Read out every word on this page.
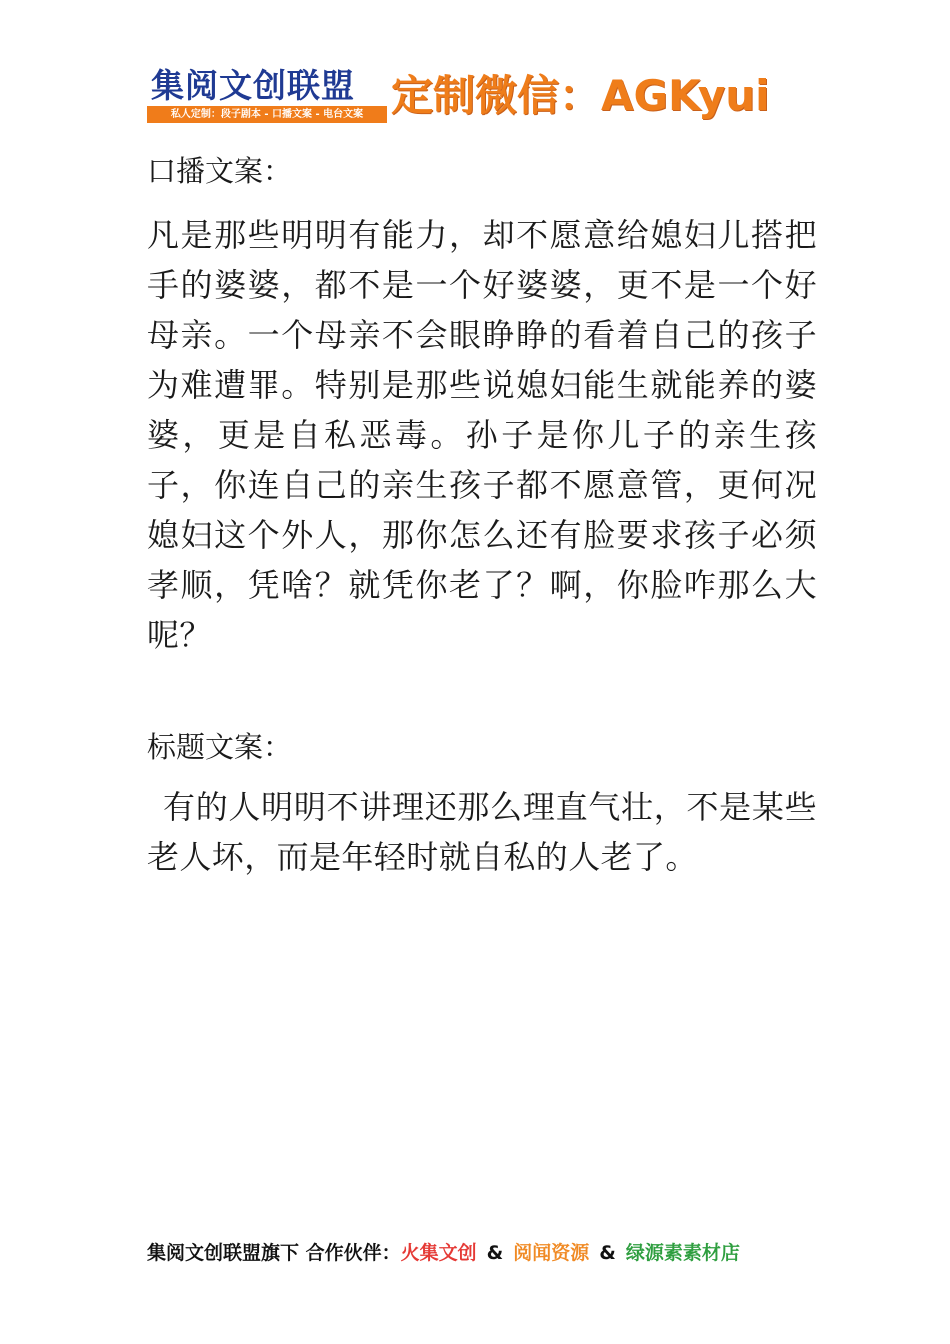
集阅文创联盟
私人定制：段子剧本 - 口播文案 - 电台文案 定制微信：AGKyui
口播文案：

凡是那些明明有能力，却不愿意给媳妇儿搭把手的婆婆，都不是一个好婆婆，更不是一个好母亲。一个母亲不会眼睁睁的看着自己的孩子为难遭罪。特别是那些说媳妇能生就能养的婆婆，更是自私恶毒。孙子是你儿子的亲生孩子，你连自己的亲生孩子都不愿意管，更何况媳妇这个外人，那你怎么还有脸要求孩子必须孝顺，凭啥？就凭你老了？啊，你脸咋那么大呢？

标题文案：

有的人明明不讲理还那么理直气壮，不是某些老人坏，而是年轻时就自私的人老了。

集阅文创联盟旗下 合作伙伴：火集文创 & 阅闻资源 & 绿源素素材店
